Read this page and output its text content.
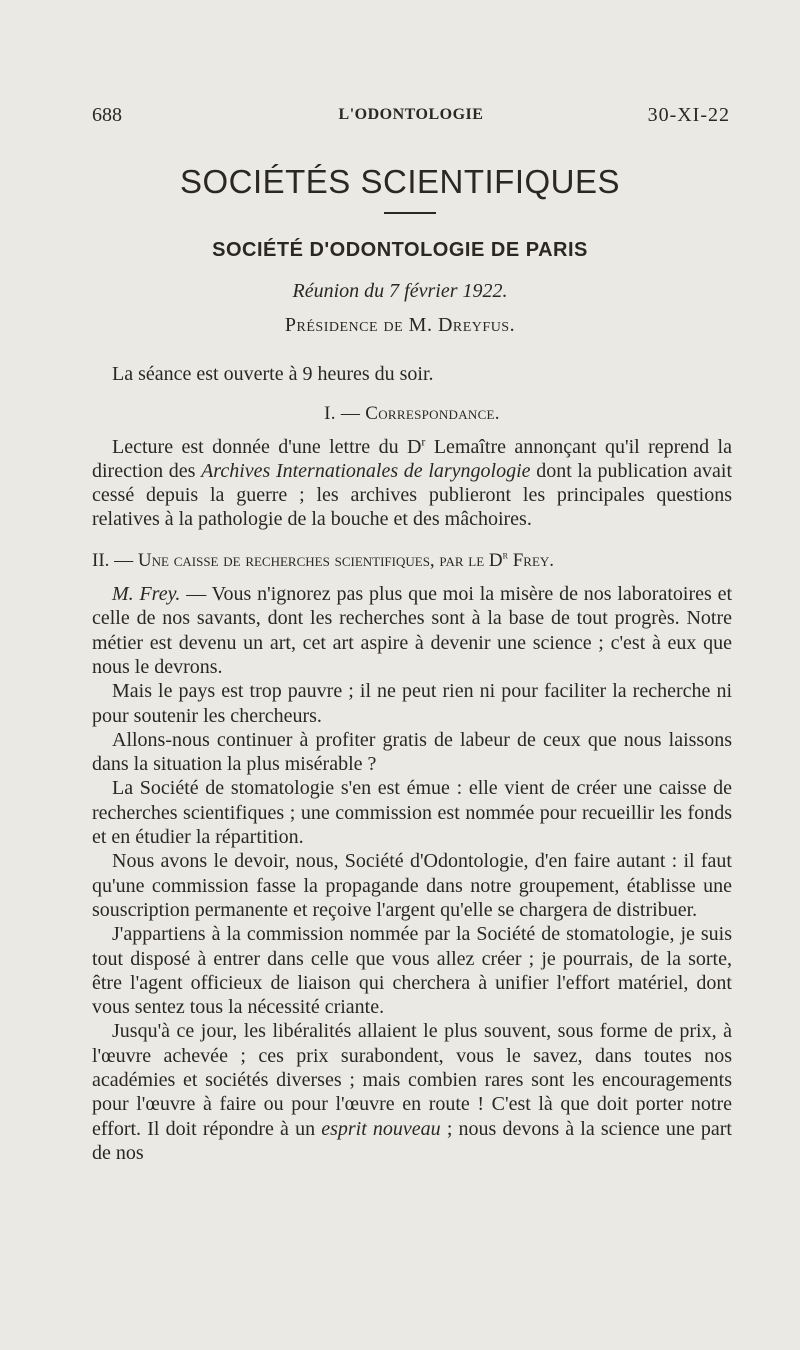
688	L'ODONTOLOGIE	30-XI-22
SOCIÉTÉS SCIENTIFIQUES
SOCIÉTÉ D'ODONTOLOGIE DE PARIS
Réunion du 7 février 1922.
Présidence de M. Dreyfus.

La séance est ouverte à 9 heures du soir.

I. — Correspondance.

Lecture est donnée d'une lettre du $D^r$ Lemaître annonçant qu'il reprend la direction des Archives Internationales de laryngologie dont la publication avait cessé depuis la guerre ; les archives publieront les principales questions relatives à la pathologie de la bouche et des mâchoires.

II. — Une caisse de recherches scientifiques, par le $D^r$ Frey.

M. Frey. — Vous n'ignorez pas plus que moi la misère de nos laboratoires et celle de nos savants, dont les recherches sont à la base de tout progrès. Notre métier est devenu un art, cet art aspire à devenir une science ; c'est à eux que nous le devrons.

Mais le pays est trop pauvre ; il ne peut rien ni pour faciliter la recherche ni pour soutenir les chercheurs.

Allons-nous continuer à profiter gratis de labeur de ceux que nous laissons dans la situation la plus misérable ?

La Société de stomatologie s'en est émue : elle vient de créer une caisse de recherches scientifiques ; une commission est nommée pour recueillir les fonds et en étudier la répartition.

Nous avons le devoir, nous, Société d'Odontologie, d'en faire autant : il faut qu'une commission fasse la propagande dans notre groupement, établisse une souscription permanente et reçoive l'argent qu'elle se chargera de distribuer.

J'appartiens à la commission nommée par la Société de stomatologie, je suis tout disposé à entrer dans celle que vous allez créer ; je pourrais, de la sorte, être l'agent officieux de liaison qui cherchera à unifier l'effort matériel, dont vous sentez tous la nécessité criante.

Jusqu'à ce jour, les libéralités allaient le plus souvent, sous forme de prix, à l'œuvre achevée ; ces prix surabondent, vous le savez, dans toutes nos académies et sociétés diverses ; mais combien rares sont les encouragements pour l'œuvre à faire ou pour l'œuvre en route ! C'est là que doit porter notre effort. Il doit répondre à un esprit nouveau ; nous devons à la science une part de nos
